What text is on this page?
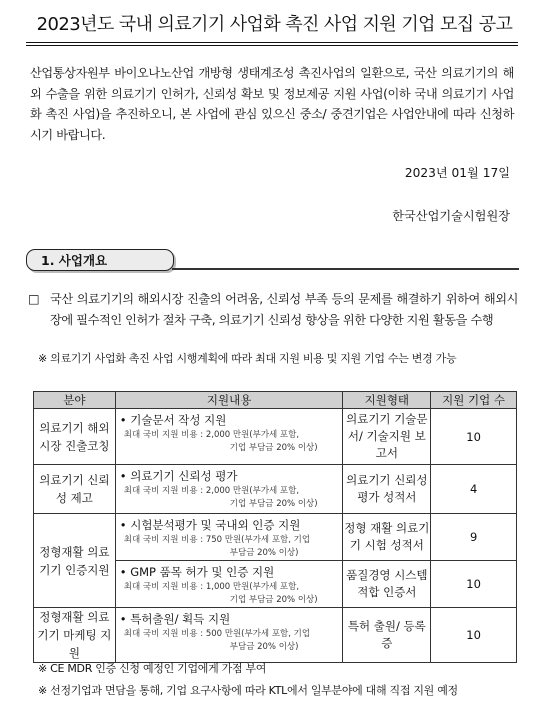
2023년도 국내 의료기기 사업화 촉진 사업 지원 기업 모집 공고
산업통상자원부 바이오나노산업 개방형 생태계조성 촉진사업의 일환으로, 국산 의료기기의 해외 수출을 위한 의료기기 인허가, 신뢰성 확보 및 정보제공 지원 사업(이하 국내 의료기기 사업화 촉진 사업)을 추진하오니, 본 사업에 관심 있으신 중소/ 중견기업은 사업안내에 따라 신청하시기 바랍니다.
2023년 01월 17일
한국산업기술시험원장
1. 사업개요
□ 국산 의료기기의 해외시장 진출의 어려움, 신뢰성 부족 등의 문제를 해결하기 위하여 해외시장에 필수적인 인허가 절차 구축, 의료기기 신뢰성 향상을 위한 다양한 지원 활동을 수행
※ 의료기기 사업화 촉진 사업 시행계획에 따라 최대 지원 비용 및 지원 기업 수는 변경 가능
분야	지원내용	지원형태	지원 기업 수
의료기기 해외시장 진출코칭	• 기술문서 작성 지원
최대 국비 지원 비용 : 2,000 만원(부가세 포함,
기업 부담금 20% 이상)	의료기기 기술문서/ 기술지원 보고서	10
의료기기 신뢰성 제고	• 의료기기 신뢰성 평가
최대 국비 지원 비용 : 2,000 만원(부가세 포함,
기업 부담금 20% 이상)	의료기기 신뢰성 평가 성적서	4
정형재활 의료기기 인증지원	• 시험분석평가 및 국내외 인증 지원
최대 국비 지원 비용 : 750 만원(부가세 포함, 기업
부담금 20% 이상)	정형 재활 의료기기 시험 성적서	9

	• GMP 품목 허가 및 인증 지원
최대 국비 지원 비용 : 1,000 만원(부가세 포함,
기업 부담금 20% 이상)	품질경영 시스템 적합 인증서	10
정형재활 의료기기 마케팅 지원	• 특허출원/ 획득 지원
최대 국비 지원 비용 : 500 만원(부가세 포함, 기업
부담금 20% 이상)	특허 출원/ 등록증	10
※ CE MDR 인증 신청 예정인 기업에게 가점 부여
※ 선정기업과 면담을 통해, 기업 요구사항에 따라 KTL에서 일부분야에 대해 직접 지원 예정
